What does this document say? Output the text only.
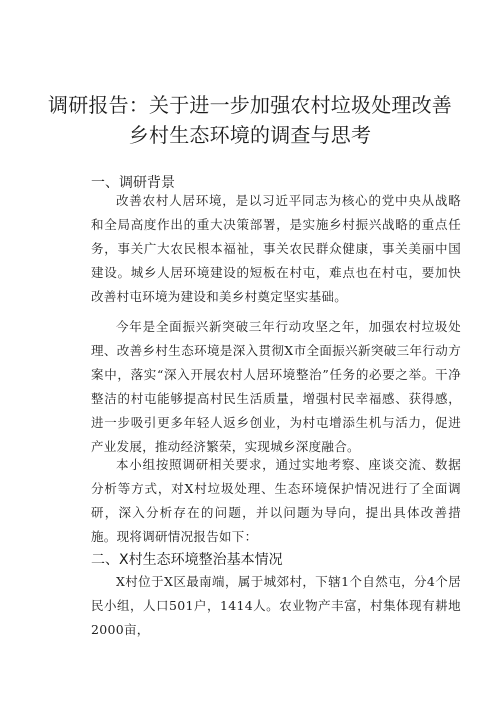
调研报告：关于进一步加强农村垃圾处理改善
乡村生态环境的调查与思考
一、调研背景

改善农村人居环境，是以习近平同志为核心的党中央从战略和全局高度作出的重大决策部署，是实施乡村振兴战略的重点任务，事关广大农民根本福祉，事关农民群众健康，事关美丽中国建设。城乡人居环境建设的短板在村屯，难点也在村屯，要加快改善村屯环境为建设和美乡村奠定坚实基础。

今年是全面振兴新突破三年行动攻坚之年，加强农村垃圾处理、改善乡村生态环境是深入贯彻X市全面振兴新突破三年行动方案中，落实“深入开展农村人居环境整治”任务的必要之举。干净整洁的村屯能够提高村民生活质量，增强村民幸福感、获得感，进一步吸引更多年轻人返乡创业，为村屯增添生机与活力，促进产业发展，推动经济繁荣，实现城乡深度融合。

本小组按照调研相关要求，通过实地考察、座谈交流、数据分析等方式，对X村垃圾处理、生态环境保护情况进行了全面调研，深入分析存在的问题，并以问题为导向，提出具体改善措施。现将调研情况报告如下：

二、X村生态环境整治基本情况

X村位于X区最南端，属于城郊村，下辖1个自然屯，分4个居民小组，人口501户，1414人。农业物产丰富，村集体现有耕地2000亩，
